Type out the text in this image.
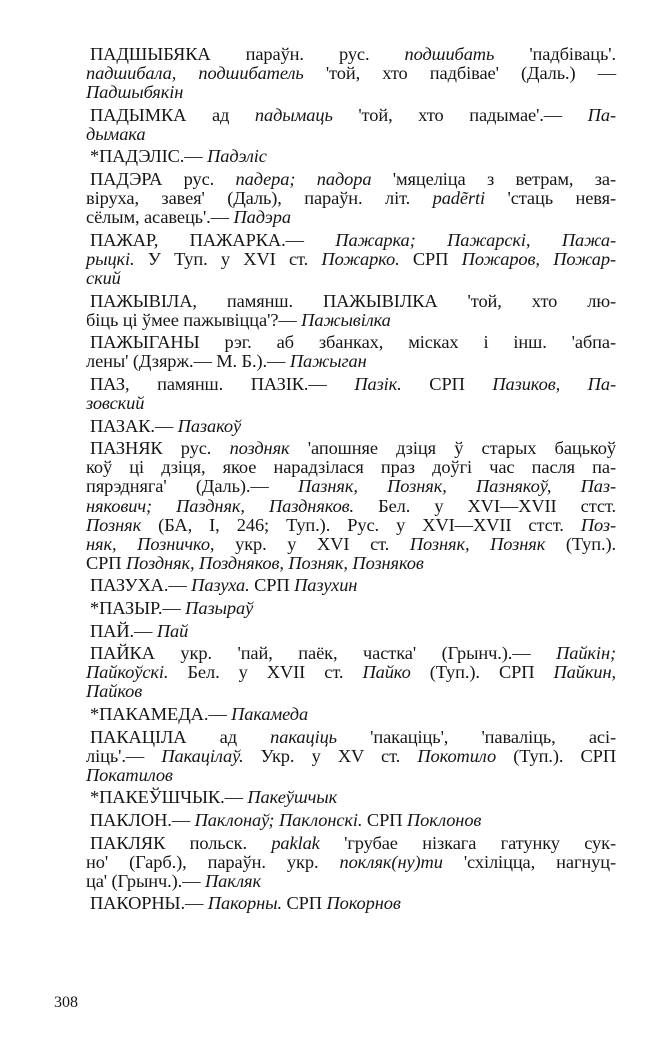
ПАДШЫБЯКА параўн. рус. подшибать 'падбіваць'.
падшибала, подшибатель 'той, хто падбівае' (Даль.) —
Падшыбякін
ПАДЫМКА ад падымаць 'той, хто падымае'.— Па-
дымака
*ПАДЭЛІС.— Падэліс
ПАДЭРА рус. падера; падора 'мяцеліца з ветрам, за-
віруха, завея' (Даль), параўн. літ. padẽrti 'стаць невя-
сёлым, асавець'.— Падэра
ПАЖАР, ПАЖАРКА.— Пажарка; Пажарскі, Пажа-
рыцкі. У Туп. у XVI ст. Пожарко. СРП Пожаров, Пожар-
ский
ПАЖЫВІЛА, памянш. ПАЖЫВІЛКА 'той, хто лю-
біць ці ўмее пажывіцца'?— Пажывілка
ПАЖЫГАНЫ рэг. аб збанках, місках і інш. 'абпа-
лены' (Дзярж.— М. Б.).— Пажыган
ПАЗ, памянш. ПАЗІК.— Пазік. СРП Пазиков, Па-
зовский
ПАЗАК.— Пазакоў
ПАЗНЯК рус. поздняк 'апошняе дзіця ў старых бацькоў
коў ці дзіця, якое нарадзілася праз доўгі час пасля па-
пярэдняга' (Даль).— Пазняк, Позняк, Пазнякоў, Паз-
някович; Паздняк, Паздняков. Бел. у XVI—XVII стст.
Позняк (БА, I, 246; Туп.). Рус. у XVI—XVII стст. Поз-
няк, Позничко, укр. у XVI ст. Позняк, Позняк (Туп.).
СРП Поздняк, Поздняков, Позняк, Позняков
ПАЗУХА.— Пазуха. СРП Пазухин
*ПАЗЫР.— Пазыраў
ПАЙ.— Пай
ПАЙКА укр. 'пай, паёк, частка' (Грынч.).— Пайкін;
Пайкоўскі. Бел. у XVII ст. Пайко (Туп.). СРП Пайкин,
Пайков
*ПАКАМЕДА.— Пакамеда
ПАКАЦІЛА ад пакаціць 'пакаціць', 'паваліць, асі-
ліць'.— Пакацілаў. Укр. у XV ст. Покотило (Туп.). СРП
Покатилов
*ПАКЕЎШЧЫК.— Пакеўшчык
ПАКЛОН.— Паклонаў; Паклонскі. СРП Поклонов
ПАКЛЯК польск. paklak 'грубае нізкага гатунку сук-
но' (Гарб.), параўн. укр. покляк(ну)ти 'схіліцца, нагнуц-
ца' (Грынч.).— Пакляк
ПАКОРНЫ.— Пакорны. СРП Покорнов
308
